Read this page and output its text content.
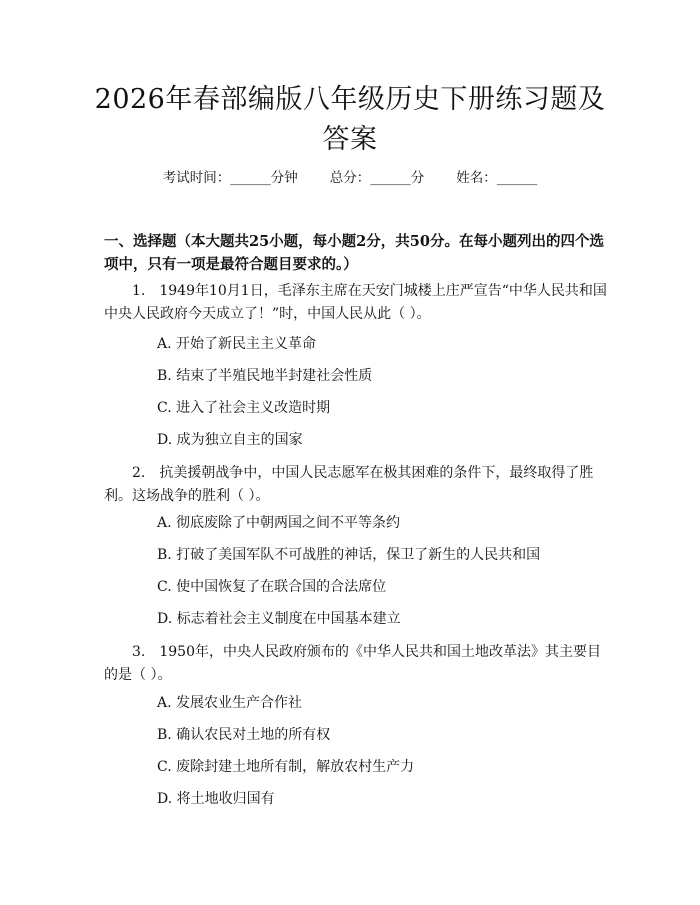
2026年春部编版八年级历史下册练习题及答案
考试时间：______分钟 总分：______分 姓名：______
一、选择题（本大题共25小题，每小题2分，共50分。在每小题列出的四个选项中，只有一项是最符合题目要求的。）
1.　1949年10月1日，毛泽东主席在天安门城楼上庄严宣告“中华人民共和国中央人民政府今天成立了！”时，中国人民从此（ ）。
A. 开始了新民主主义革命
B. 结束了半殖民地半封建社会性质
C. 进入了社会主义改造时期
D. 成为独立自主的国家
2.　抗美援朝战争中，中国人民志愿军在极其困难的条件下，最终取得了胜利。这场战争的胜利（ ）。
A. 彻底废除了中朝两国之间不平等条约
B. 打破了美国军队不可战胜的神话，保卫了新生的人民共和国
C. 使中国恢复了在联合国的合法席位
D. 标志着社会主义制度在中国基本建立
3.　1950年，中央人民政府颁布的《中华人民共和国土地改革法》其主要目的是（ ）。
A. 发展农业生产合作社
B. 确认农民对土地的所有权
C. 废除封建土地所有制，解放农村生产力
D. 将土地收归国有
